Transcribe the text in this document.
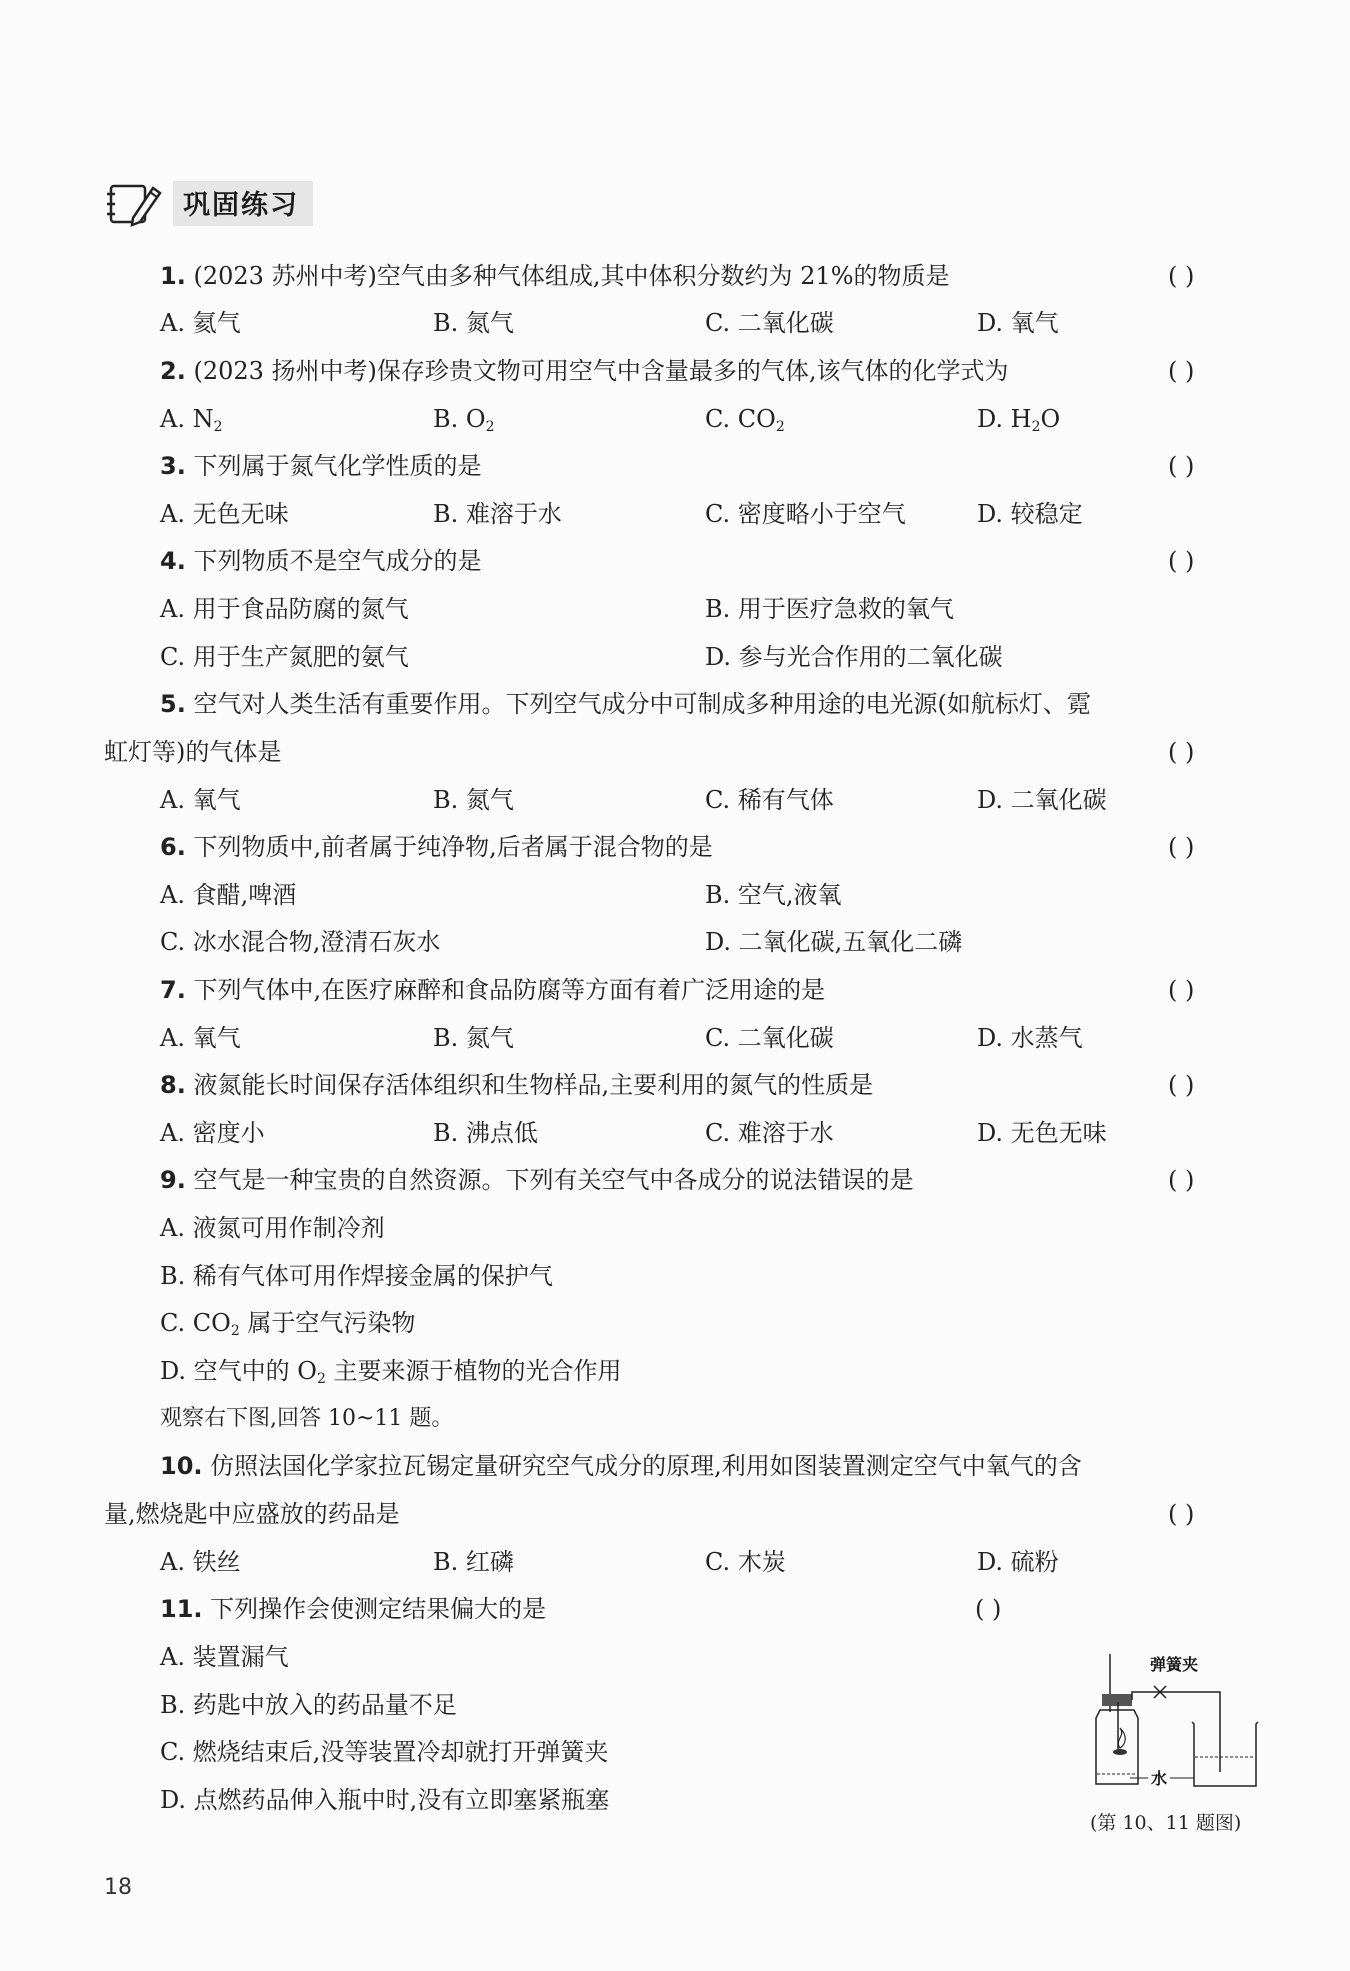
巩固练习
1. (2023 苏州中考)空气由多种气体组成,其中体积分数约为 21%的物质是	( )
A. 氦气	B. 氮气	C. 二氧化碳	D. 氧气
2. (2023 扬州中考)保存珍贵文物可用空气中含量最多的气体,该气体的化学式为	( )
A. $N_2$	B. $O_2$	C. $CO_2$	D. $H_2O$
3. 下列属于氮气化学性质的是	( )
A. 无色无味	B. 难溶于水	C. 密度略小于空气	D. 较稳定
4. 下列物质不是空气成分的是	( )
A. 用于食品防腐的氮气	B. 用于医疗急救的氧气
C. 用于生产氮肥的氨气	D. 参与光合作用的二氧化碳
5. 空气对人类生活有重要作用。下列空气成分中可制成多种用途的电光源(如航标灯、霓
虹灯等)的气体是	( )
A. 氧气	B. 氮气	C. 稀有气体	D. 二氧化碳
6. 下列物质中,前者属于纯净物,后者属于混合物的是	( )
A. 食醋,啤酒	B. 空气,液氧
C. 冰水混合物,澄清石灰水	D. 二氧化碳,五氧化二磷
7. 下列气体中,在医疗麻醉和食品防腐等方面有着广泛用途的是	( )
A. 氧气	B. 氮气	C. 二氧化碳	D. 水蒸气
8. 液氮能长时间保存活体组织和生物样品,主要利用的氮气的性质是	( )
A. 密度小	B. 沸点低	C. 难溶于水	D. 无色无味
9. 空气是一种宝贵的自然资源。下列有关空气中各成分的说法错误的是	( )
A. 液氮可用作制冷剂
B. 稀有气体可用作焊接金属的保护气
C. $CO_2$ 属于空气污染物
D. 空气中的 $O_2$ 主要来源于植物的光合作用
观察右下图,回答 10~11 题。
10. 仿照法国化学家拉瓦锡定量研究空气成分的原理,利用如图装置测定空气中氧气的含
量,燃烧匙中应盛放的药品是	( )
A. 铁丝	B. 红磷	C. 木炭	D. 硫粉
11. 下列操作会使测定结果偏大的是	( )
A. 装置漏气
B. 药匙中放入的药品量不足
C. 燃烧结束后,没等装置冷却就打开弹簧夹
D. 点燃药品伸入瓶中时,没有立即塞紧瓶塞
弹簧夹
水
(第 10、11 题图)
18
